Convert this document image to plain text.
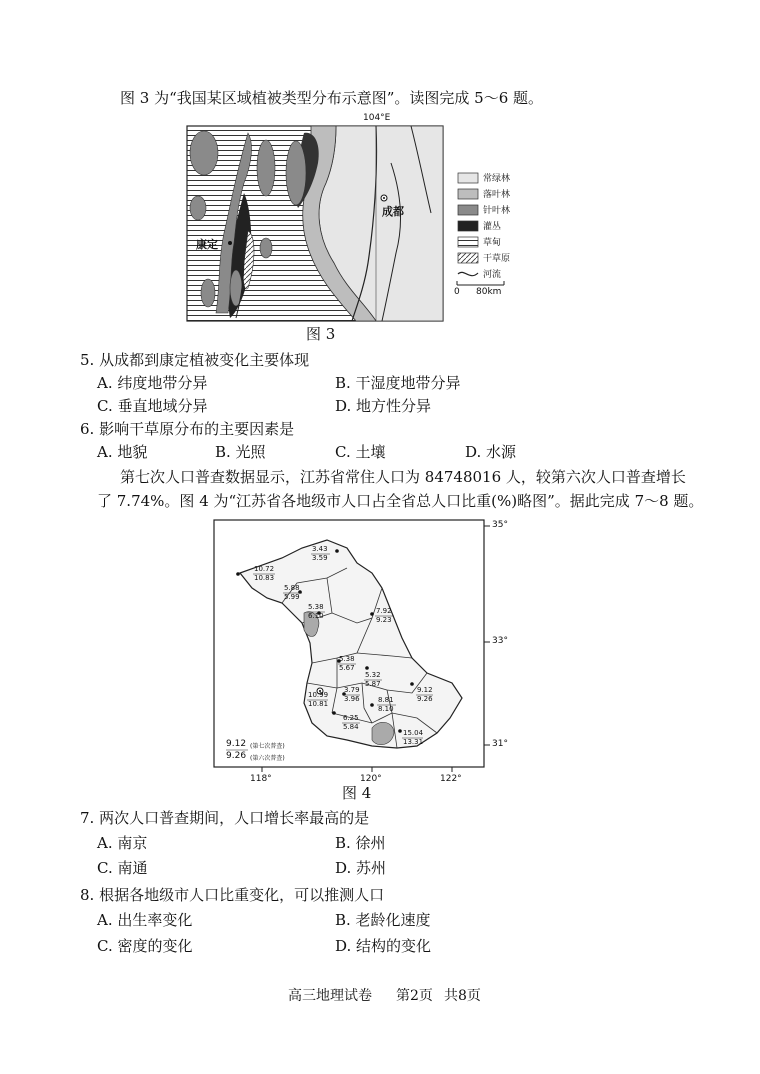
图 3 为“我国某区域植被类型分布示意图”。读图完成 5～6 题。
104°E
成都
康定
常绿林
落叶林
针叶林
灌丛
草甸
干草原
河流
0 80km
图 3
5. 从成都到康定植被变化主要体现
A. 纬度地带分异	B. 干湿度地带分异
C. 垂直地域分异	D. 地方性分异
6. 影响干草原分布的主要因素是
A. 地貌	B. 光照	C. 土壤	D. 水源
第七次人口普查数据显示，江苏省常住人口为 84748016 人，较第六次人口普查增长
了 7.74%。图 4 为“江苏省各地级市人口占全省总人口比重(%)略图”。据此完成 7～8 题。
35°
33°
31°
118°	120°	122°
3.43
3.59
10.72
10.83
5.88
5.99
5.38
6.10
7.92
9.23
5.38
5.67
5.32
5.87
9.12
9.26
10.99
10.81
3.79
3.96	8.81
8.10
6.25
5.84
15.04
13.31
9.12 (第七次普查)
9.26 (第六次普查)
图 4
7. 两次人口普查期间，人口增长率最高的是
A. 南京	B. 徐州
C. 南通	D. 苏州
8. 根据各地级市人口比重变化，可以推测人口
A. 出生率变化	B. 老龄化速度
C. 密度的变化	D. 结构的变化
高三地理试卷 第2页 共8页
